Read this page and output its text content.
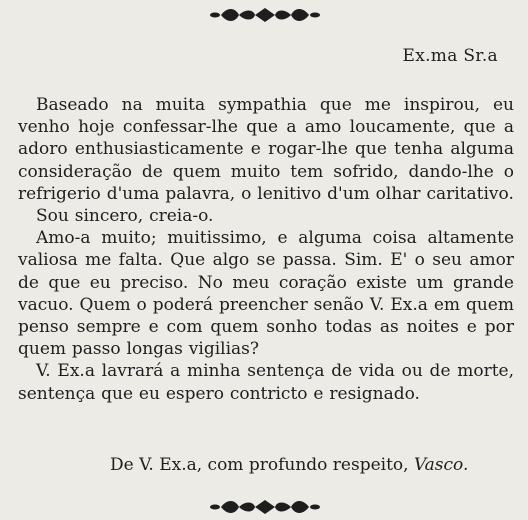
Ex.ma Sr.a

Baseado na muita sympathia que me inspirou, eu venho hoje confessar-lhe que a amo loucamente, que a adoro enthusiasticamente e rogar-lhe que tenha alguma consideração de quem muito tem sofrido, dando-lhe o refrigerio d'uma palavra, o lenitivo d'um olhar caritativo.

Sou sincero, creia-o.

Amo-a muito; muitissimo, e alguma coisa altamente valiosa me falta. Que algo se passa. Sim. E' o seu amor de que eu preciso. No meu coração existe um grande vacuo. Quem o poderá preencher senão V. Ex.a em quem penso sempre e com quem sonho todas as noites e por quem passo longas vigilias?

V. Ex.a lavrará a minha sentença de vida ou de morte, sentença que eu espero contricto e resignado.

De V. Ex.a, com profundo respeito, Vasco.
